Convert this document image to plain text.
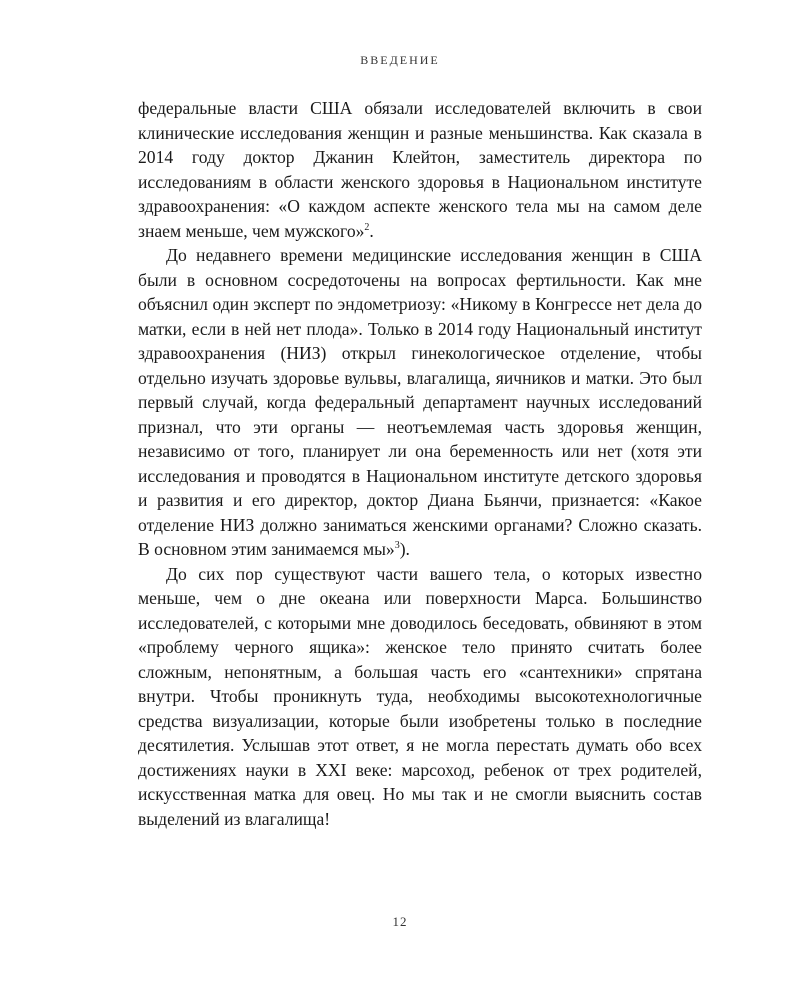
ВВЕДЕНИЕ

федеральные власти США обязали исследователей включить в свои клинические исследования женщин и разные меньшинства. Как сказала в 2014 году доктор Джанин Клейтон, заместитель директора по исследованиям в области женского здоровья в Национальном институте здравоохранения: «О каждом аспекте женского тела мы на самом деле знаем меньше, чем мужского»$^2$.

До недавнего времени медицинские исследования женщин в США были в основном сосредоточены на вопросах фертильности. Как мне объяснил один эксперт по эндометриозу: «Никому в Конгрессе нет дела до матки, если в ней нет плода». Только в 2014 году Национальный институт здравоохранения (НИЗ) открыл гинекологическое отделение, чтобы отдельно изучать здоровье вульвы, влагалища, яичников и матки. Это был первый случай, когда федеральный департамент научных исследований признал, что эти органы — неотъемлемая часть здоровья женщин, независимо от того, планирует ли она беременность или нет (хотя эти исследования и проводятся в Национальном институте детского здоровья и развития и его директор, доктор Диана Бьянчи, признается: «Какое отделение НИЗ должно заниматься женскими органами? Сложно сказать. В основном этим занимаемся мы»$^3$).

До сих пор существуют части вашего тела, о которых известно меньше, чем о дне океана или поверхности Марса. Большинство исследователей, с которыми мне доводилось беседовать, обвиняют в этом «проблему черного ящика»: женское тело принято считать более сложным, непонятным, а большая часть его «сантехники» спрятана внутри. Чтобы проникнуть туда, необходимы высокотехнологичные средства визуализации, которые были изобретены только в последние десятилетия. Услышав этот ответ, я не могла перестать думать обо всех достижениях науки в XXI веке: марсоход, ребенок от трех родителей, искусственная матка для овец. Но мы так и не смогли выяснить состав выделений из влагалища!

12
